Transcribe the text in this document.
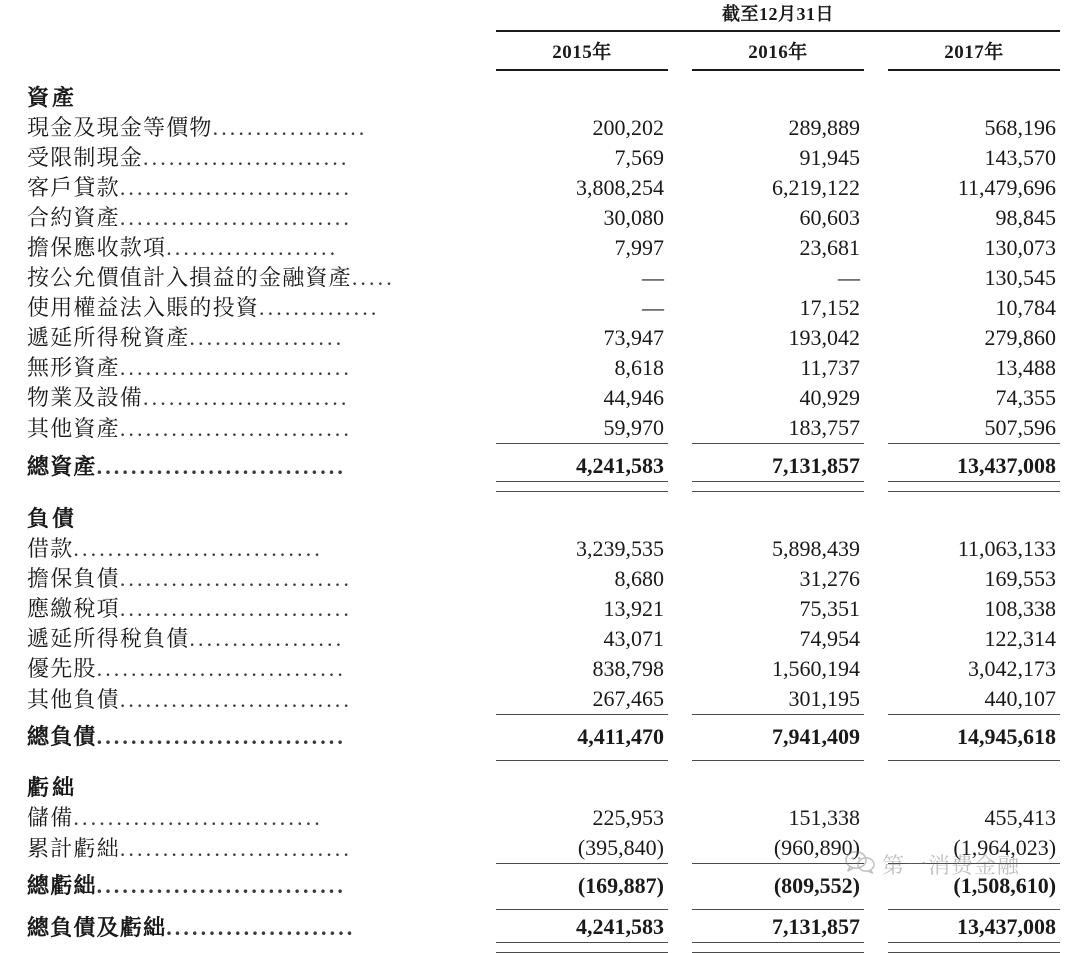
	截至12月31日					

	2015年		2016年		2017年	

資產						
現金及現金等價物..................	200,202		289,889		568,196	
受限制現金........................	7,569		91,945		143,570	
客戶貸款...........................	3,808,254		6,219,122		11,479,696	
合約資產...........................	30,080		60,603		98,845	
擔保應收款項....................	7,997		23,681		130,073	
按公允價值計入損益的金融資產.....	—		—		130,545	
使用權益法入賬的投資..............	—		17,152		10,784	
遞延所得稅資產..................	73,947		193,042		279,860	
無形資產...........................	8,618		11,737		13,488	
物業及設備........................	44,946		40,929		74,355	
其他資產...........................	59,970		183,757		507,596	

總資產.............................	4,241,583		7,131,857		13,437,008	

負債						
借款.............................	3,239,535		5,898,439		11,063,133	
擔保負債...........................	8,680		31,276		169,553	
應繳稅項...........................	13,921		75,351		108,338	
遞延所得稅負債..................	43,071		74,954		122,314	
優先股.............................	838,798		1,560,194		3,042,173	
其他負債...........................	267,465		301,195		440,107	

總負債.............................	4,411,470		7,941,409		14,945,618	

虧絀						
儲備.............................	225,953		151,338		455,413	
累計虧絀...........................	(395,840)		(960,890)		(1,964,023)	

總虧絀.............................	(169,887)		(809,552)		(1,508,610)	

總負債及虧絀......................	4,241,583		7,131,857		13,437,008	

第一消费金融
